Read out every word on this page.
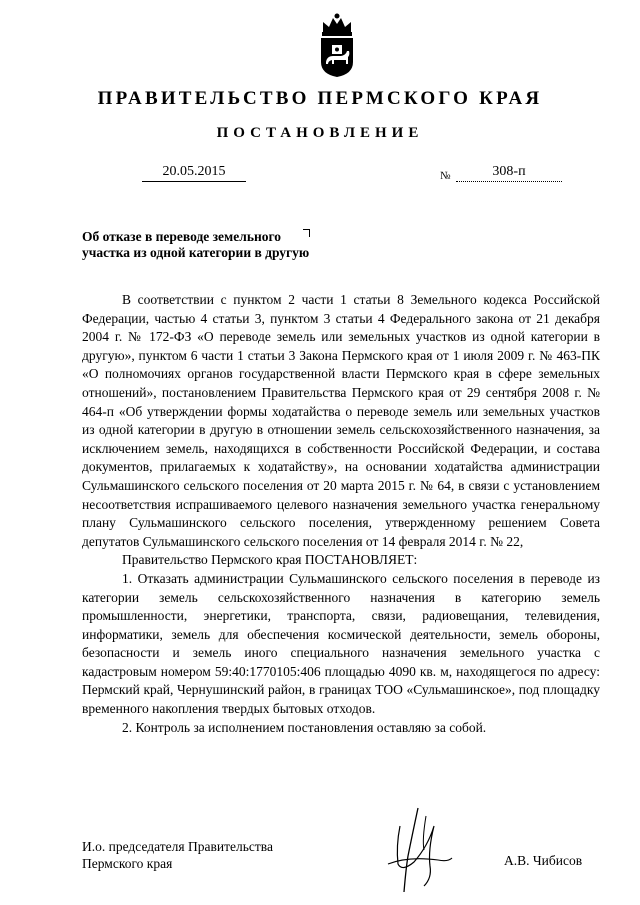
ПРАВИТЕЛЬСТВО ПЕРМСКОГО КРАЯ
ПОСТАНОВЛЕНИЕ
20.05.2015	№	308-п
Об отказе в переводе земельного
участка из одной категории в другую

В соответствии с пунктом 2 части 1 статьи 8 Земельного кодекса Российской Федерации, частью 4 статьи 3, пунктом 3 статьи 4 Федерального закона от 21 декабря 2004 г. № 172-ФЗ «О переводе земель или земельных участков из одной категории в другую», пунктом 6 части 1 статьи 3 Закона Пермского края от 1 июля 2009 г. № 463-ПК «О полномочиях органов государственной власти Пермского края в сфере земельных отношений», постановлением Правительства Пермского края от 29 сентября 2008 г. № 464-п «Об утверждении формы ходатайства о переводе земель или земельных участков из одной категории в другую в отношении земель сельскохозяйственного назначения, за исключением земель, находящихся в собственности Российской Федерации, и состава документов, прилагаемых к ходатайству», на основании ходатайства администрации Сульмашинского сельского поселения от 20 марта 2015 г. № 64, в связи с установлением несоответствия испрашиваемого целевого назначения земельного участка генеральному плану Сульмашинского сельского поселения, утвержденному решением Совета депутатов Сульмашинского сельского поселения от 14 февраля 2014 г. № 22,

Правительство Пермского края ПОСТАНОВЛЯЕТ:

1. Отказать администрации Сульмашинского сельского поселения в переводе из категории земель сельскохозяйственного назначения в категорию земель промышленности, энергетики, транспорта, связи, радиовещания, телевидения, информатики, земель для обеспечения космической деятельности, земель обороны, безопасности и земель иного специального назначения земельного участка с кадастровым номером 59:40:1770105:406 площадью 4090 кв. м, находящегося по адресу: Пермский край, Чернушинский район, в границах ТОО «Сульмашинское», под площадку временного накопления твердых бытовых отходов.

2. Контроль за исполнением постановления оставляю за собой.

И.о. председателя Правительства
Пермского края	А.В. Чибисов
